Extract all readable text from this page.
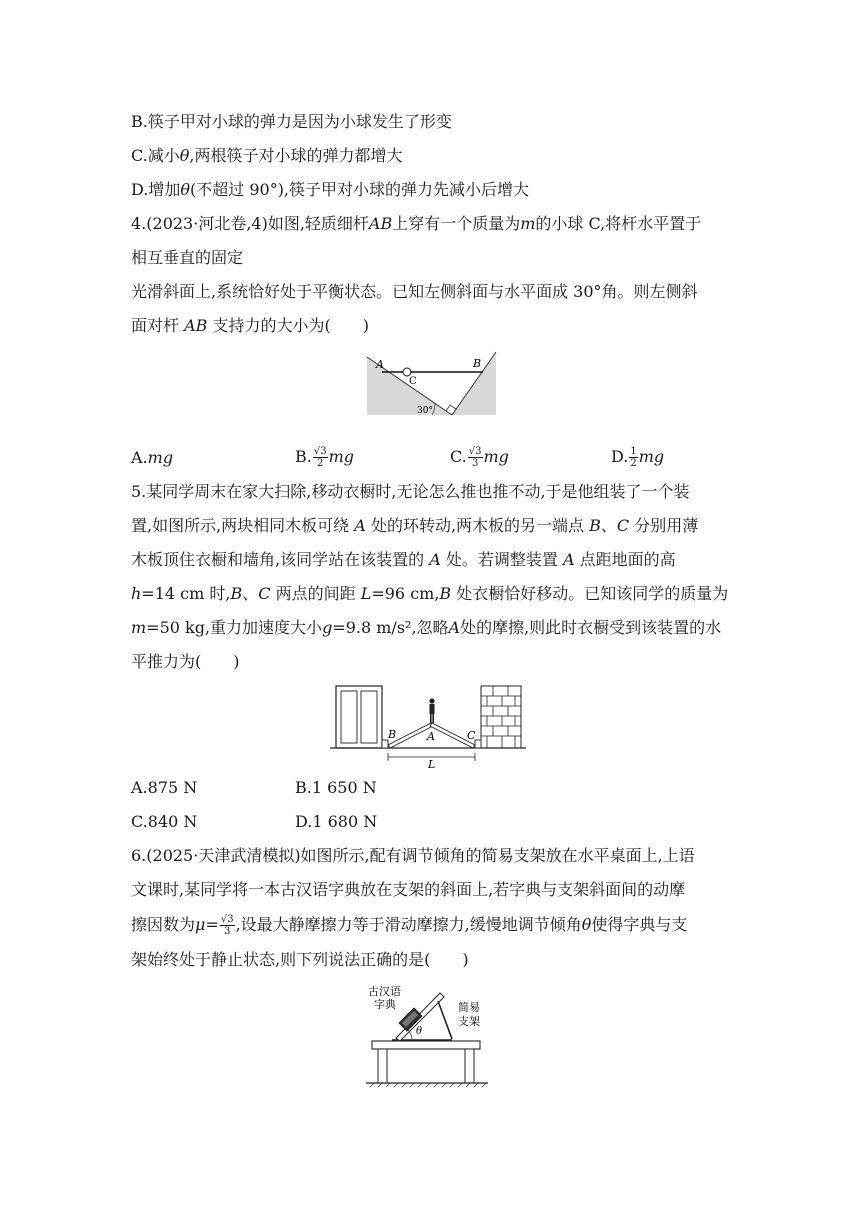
B.筷子甲对小球的弹力是因为小球发生了形变
C.减小θ,两根筷子对小球的弹力都增大
D.增加θ(不超过 90°),筷子甲对小球的弹力先减小后增大
4.(2023·河北卷,4)如图,轻质细杆AB上穿有一个质量为m的小球 C,将杆水平置于
相互垂直的固定
光滑斜面上,系统恰好处于平衡状态。已知左侧斜面与水平面成 30°角。则左侧斜
面对杆 AB 支持力的大小为(　　)
A	B
C
30°
A.mg	B. $\frac{√3}{2}$ mg	C. $\frac{√3}{3}$ mg	D. $\frac{1}{2}$ mg
5.某同学周末在家大扫除,移动衣橱时,无论怎么推也推不动,于是他组装了一个装
置,如图所示,两块相同木板可绕 A 处的环转动,两木板的另一端点 B、C 分别用薄
木板顶住衣橱和墙角,该同学站在该装置的 A 处。若调整装置 A 点距地面的高
h=14 cm 时,B、C 两点的间距 L=96 cm,B 处衣橱恰好移动。已知该同学的质量为
m=50 kg,重力加速度大小g=9.8 m/s²,忽略A处的摩擦,则此时衣橱受到该装置的水
平推力为(　　)
B	A	C
L
A.875 N	B.1 650 N
C.840 N	D.1 680 N
6.(2025·天津武清模拟)如图所示,配有调节倾角的简易支架放在水平桌面上,上语
文课时,某同学将一本古汉语字典放在支架的斜面上,若字典与支架斜面间的动摩
擦因数为$\mu= \frac{√3}{3}$ ,设最大静摩擦力等于滑动摩擦力,缓慢地调节倾角θ使得字典与支
架始终处于静止状态,则下列说法正确的是(　　)
古汉语
字典	简易
支架
θ
